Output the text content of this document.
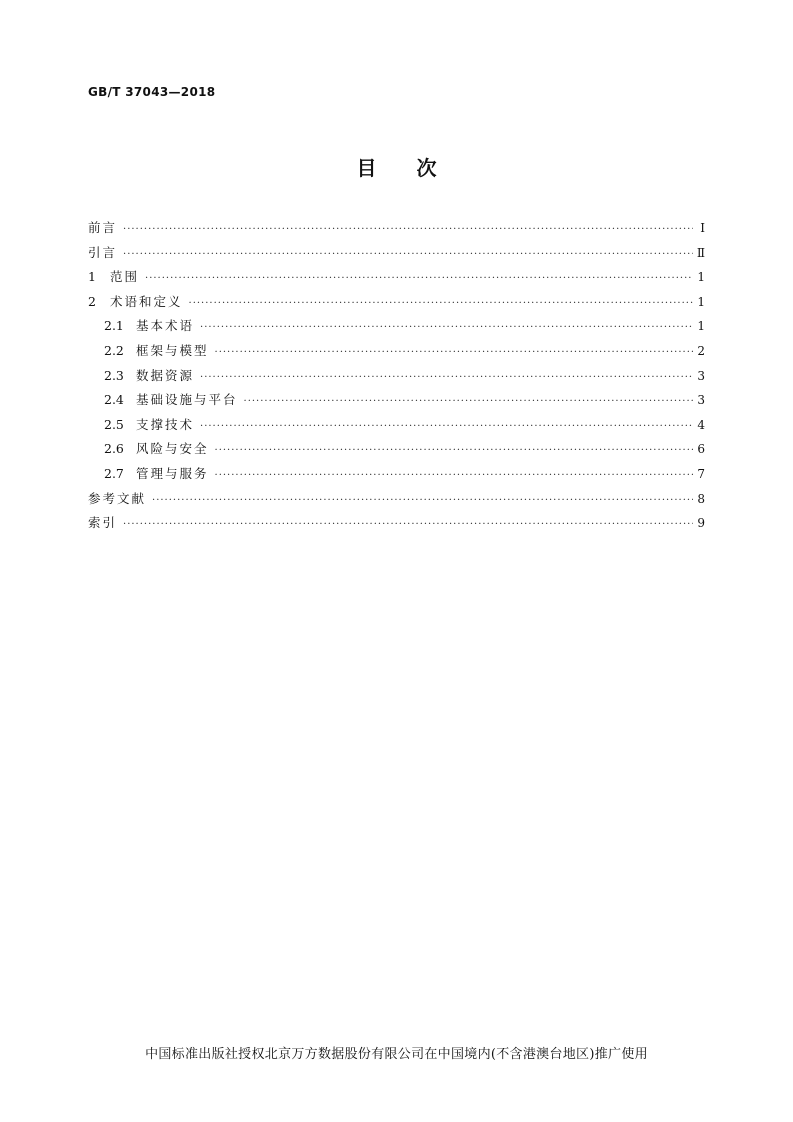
GB/T 37043—2018
目次
前言 ·····	Ⅰ
引言 ·····	Ⅱ
1	范围 ·····	1
2	术语和定义 ·····	1
2.1 基本术语 ·····	1
2.2 框架与模型 ·····	2
2.3 数据资源 ·····	3
2.4 基础设施与平台 ·····	3
2.5 支撑技术 ·····	4
2.6 风险与安全 ·····	6
2.7 管理与服务 ·····	7
参考文献 ·····	8
索引 ·····	9
中国标准出版社授权北京万方数据股份有限公司在中国境内(不含港澳台地区)推广使用
